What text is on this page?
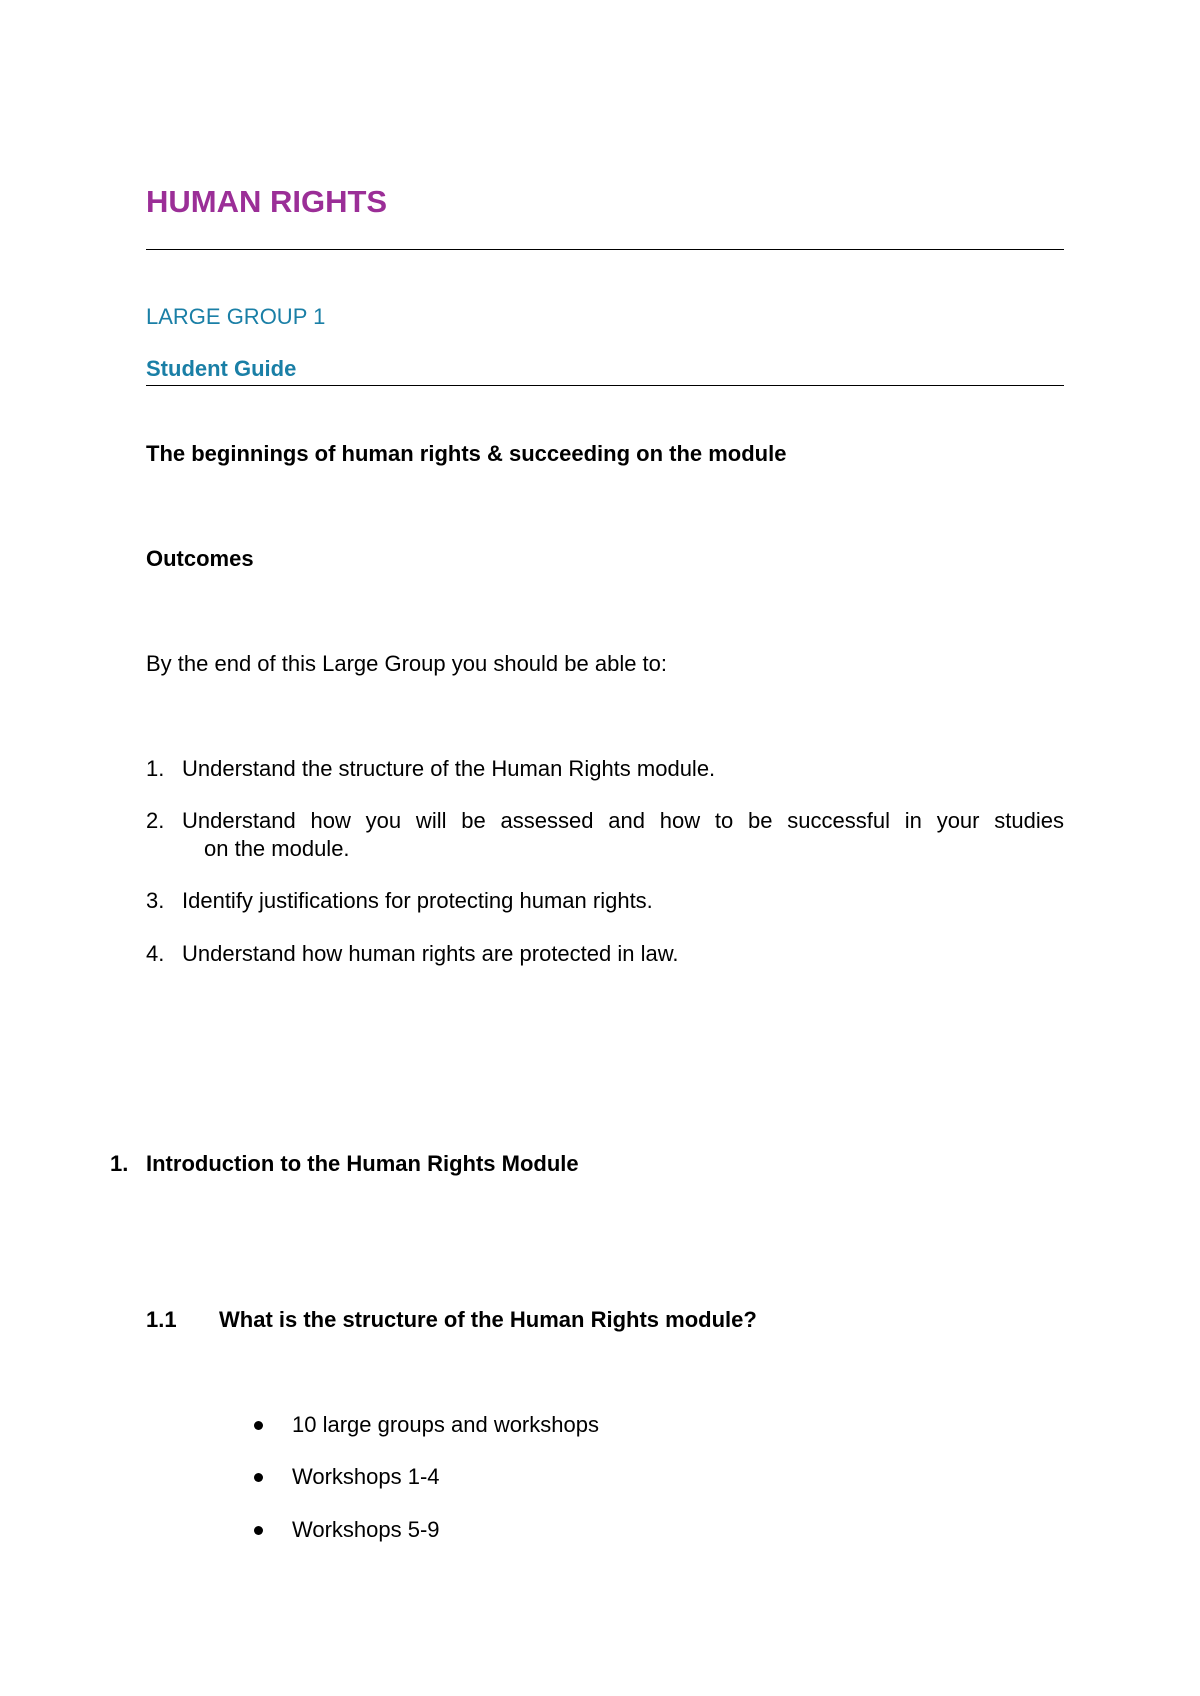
HUMAN RIGHTS
LARGE GROUP 1
Student Guide
The beginnings of human rights & succeeding on the module
Outcomes
By the end of this Large Group you should be able to:
1. Understand the structure of the Human Rights module.
2. Understand how you will be assessed and how to be successful in your studies
on the module.
3. Identify justifications for protecting human rights.
4. Understand how human rights are protected in law.
1. Introduction to the Human Rights Module
1.1 What is the structure of the Human Rights module?
10 large groups and workshops
Workshops 1-4
Workshops 5-9
